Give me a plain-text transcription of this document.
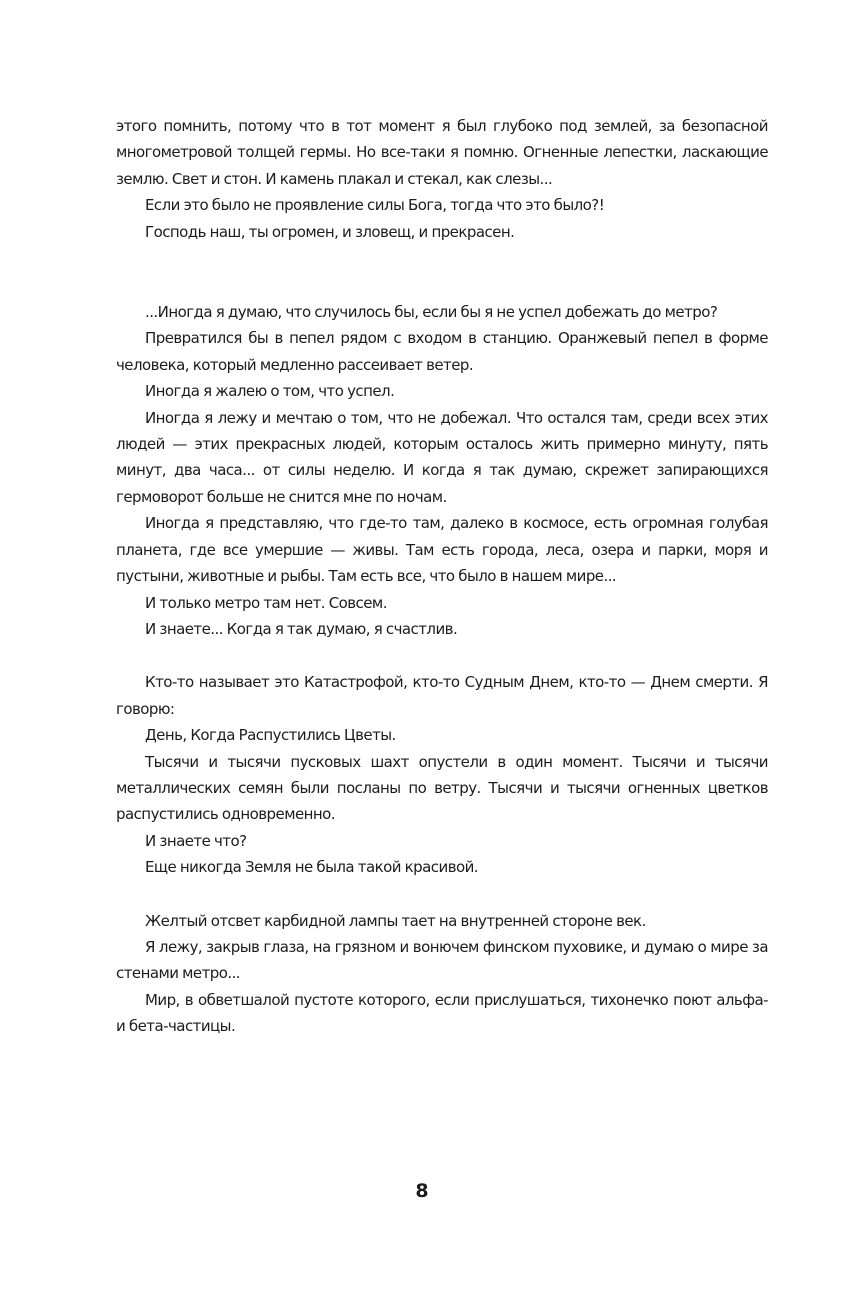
этого помнить, потому что в тот момент я был глубоко под землей, за безопасной многометровой толщей гермы. Но все-таки я помню. Огненные лепестки, ласкающие землю. Свет и стон. И камень плакал и стекал, как слезы...

Если это было не проявление силы Бога, тогда что это было?!

Господь наш, ты огромен, и зловещ, и прекрасен.

...Иногда я думаю, что случилось бы, если бы я не успел добежать до метро?

Превратился бы в пепел рядом с входом в станцию. Оранжевый пепел в форме человека, который медленно рассеивает ветер.

Иногда я жалею о том, что успел.

Иногда я лежу и мечтаю о том, что не добежал. Что остался там, среди всех этих людей — этих прекрасных людей, которым осталось жить примерно минуту, пять минут, два часа... от силы неделю. И когда я так думаю, скрежет запирающихся гермоворот больше не снится мне по ночам.

Иногда я представляю, что где-то там, далеко в космосе, есть огромная голубая планета, где все умершие — живы. Там есть города, леса, озера и парки, моря и пустыни, животные и рыбы. Там есть все, что было в нашем мире...

И только метро там нет. Совсем.

И знаете... Когда я так думаю, я счастлив.

Кто-то называет это Катастрофой, кто-то Судным Днем, кто-то — Днем смерти. Я говорю:

День, Когда Распустились Цветы.

Тысячи и тысячи пусковых шахт опустели в один момент. Тысячи и тысячи металлических семян были посланы по ветру. Тысячи и тысячи огненных цветков распустились одновременно.

И знаете что?

Еще никогда Земля не была такой красивой.

Желтый отсвет карбидной лампы тает на внутренней стороне век.

Я лежу, закрыв глаза, на грязном и вонючем финском пуховике, и думаю о мире за стенами метро...

Мир, в обветшалой пустоте которого, если прислушаться, тихонечко поют альфа- и бета-частицы.

8
